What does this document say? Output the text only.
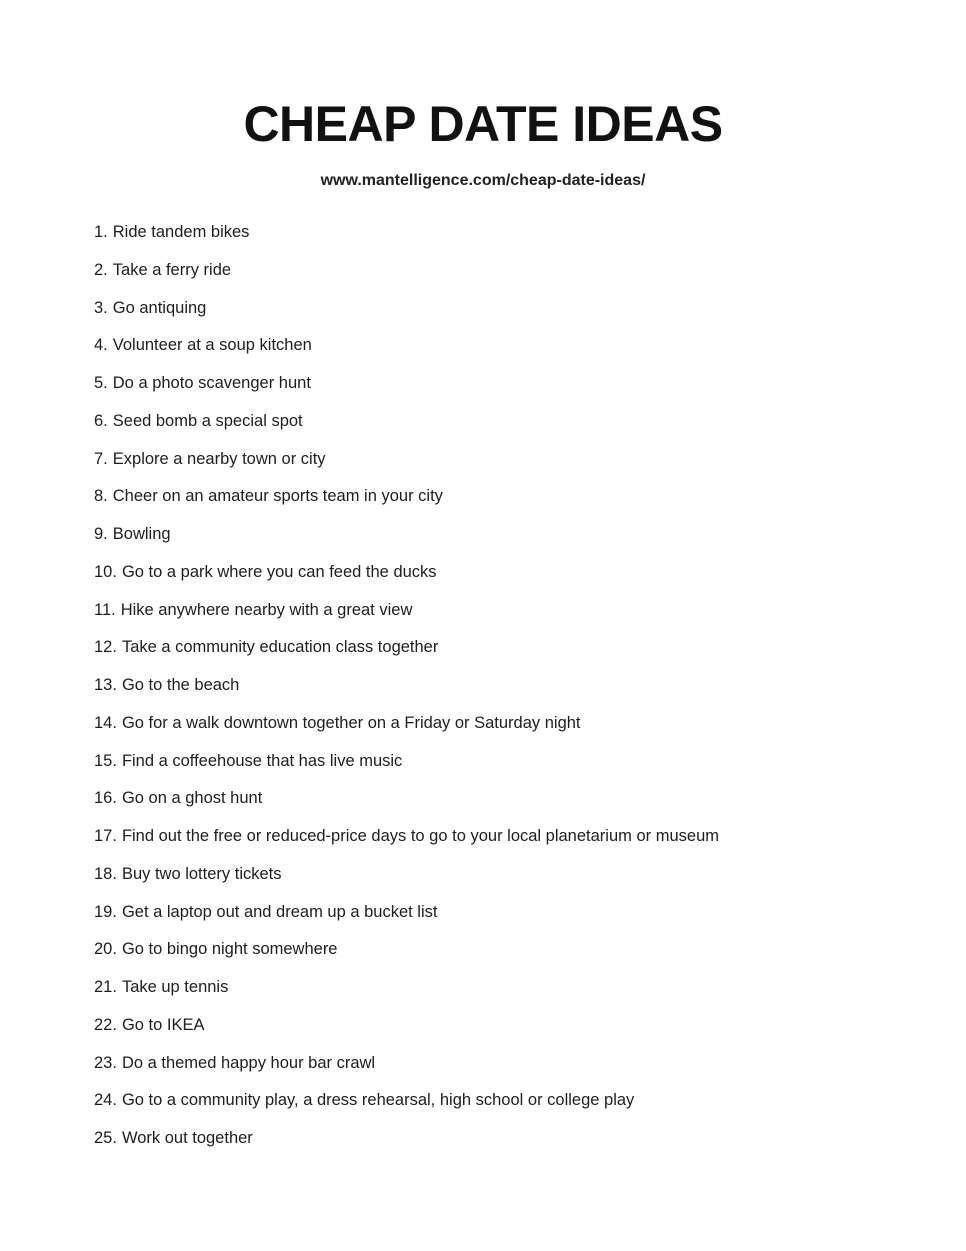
CHEAP DATE IDEAS
www.mantelligence.com/cheap-date-ideas/
1. Ride tandem bikes
2. Take a ferry ride
3. Go antiquing
4. Volunteer at a soup kitchen
5. Do a photo scavenger hunt
6. Seed bomb a special spot
7. Explore a nearby town or city
8. Cheer on an amateur sports team in your city
9. Bowling
10. Go to a park where you can feed the ducks
11. Hike anywhere nearby with a great view
12. Take a community education class together
13. Go to the beach
14. Go for a walk downtown together on a Friday or Saturday night
15. Find a coffeehouse that has live music
16. Go on a ghost hunt
17. Find out the free or reduced-price days to go to your local planetarium or museum
18. Buy two lottery tickets
19. Get a laptop out and dream up a bucket list
20. Go to bingo night somewhere
21. Take up tennis
22. Go to IKEA
23. Do a themed happy hour bar crawl
24. Go to a community play, a dress rehearsal, high school or college play
25. Work out together
